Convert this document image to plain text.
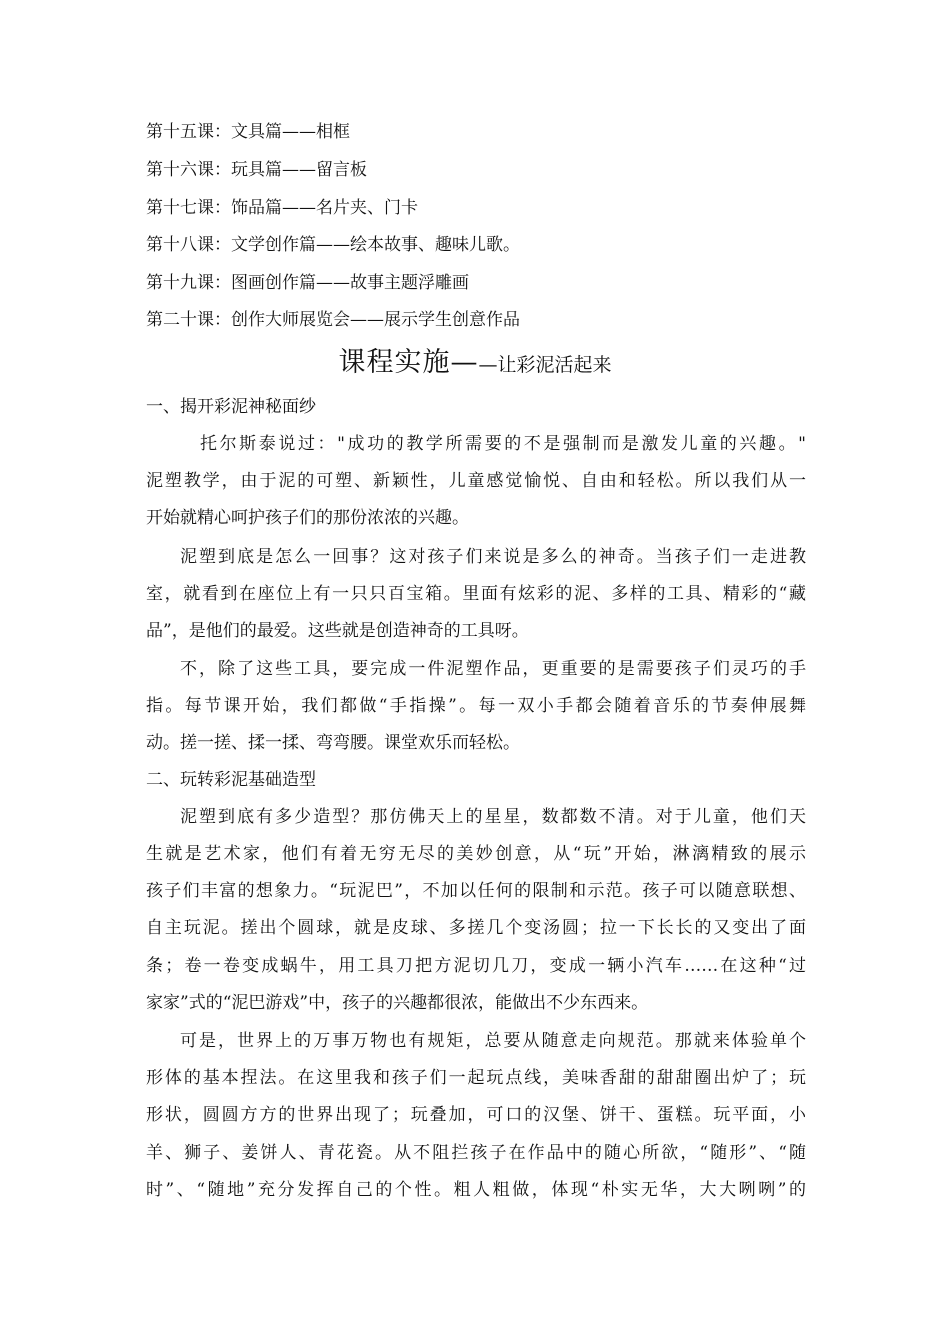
第十五课：文具篇——相框
第十六课：玩具篇——留言板
第十七课：饰品篇——名片夹、门卡
第十八课：文学创作篇——绘本故事、趣味儿歌。
第十九课：图画创作篇——故事主题浮雕画
第二十课：创作大师展览会——展示学生创意作品
课程实施——让彩泥活起来
一、揭开彩泥神秘面纱
托尔斯泰说过："成功的教学所需要的不是强制而是激发儿童的兴趣。"
泥塑教学，由于泥的可塑、新颖性，儿童感觉愉悦、自由和轻松。所以我们从一
开始就精心呵护孩子们的那份浓浓的兴趣。
泥塑到底是怎么一回事？这对孩子们来说是多么的神奇。当孩子们一走进教
室，就看到在座位上有一只只百宝箱。里面有炫彩的泥、多样的工具、精彩的“藏
品”，是他们的最爱。这些就是创造神奇的工具呀。
不，除了这些工具，要完成一件泥塑作品，更重要的是需要孩子们灵巧的手
指。每节课开始，我们都做“手指操”。每一双小手都会随着音乐的节奏伸展舞
动。搓一搓、揉一揉、弯弯腰。课堂欢乐而轻松。
二、玩转彩泥基础造型
泥塑到底有多少造型？那仿佛天上的星星，数都数不清。对于儿童，他们天
生就是艺术家，他们有着无穷无尽的美妙创意，从“玩”开始，淋漓精致的展示
孩子们丰富的想象力。“玩泥巴”，不加以任何的限制和示范。孩子可以随意联想、
自主玩泥。搓出个圆球，就是皮球、多搓几个变汤圆；拉一下长长的又变出了面
条；卷一卷变成蜗牛，用工具刀把方泥切几刀，变成一辆小汽车……在这种“过
家家”式的“泥巴游戏”中，孩子的兴趣都很浓，能做出不少东西来。
可是，世界上的万事万物也有规矩，总要从随意走向规范。那就来体验单个
形体的基本捏法。在这里我和孩子们一起玩点线，美味香甜的甜甜圈出炉了；玩
形状，圆圆方方的世界出现了；玩叠加，可口的汉堡、饼干、蛋糕。玩平面，小
羊、狮子、姜饼人、青花瓷。从不阻拦孩子在作品中的随心所欲，“随形”、“随
时”、“随地”充分发挥自己的个性。粗人粗做，体现“朴实无华，大大咧咧”的
